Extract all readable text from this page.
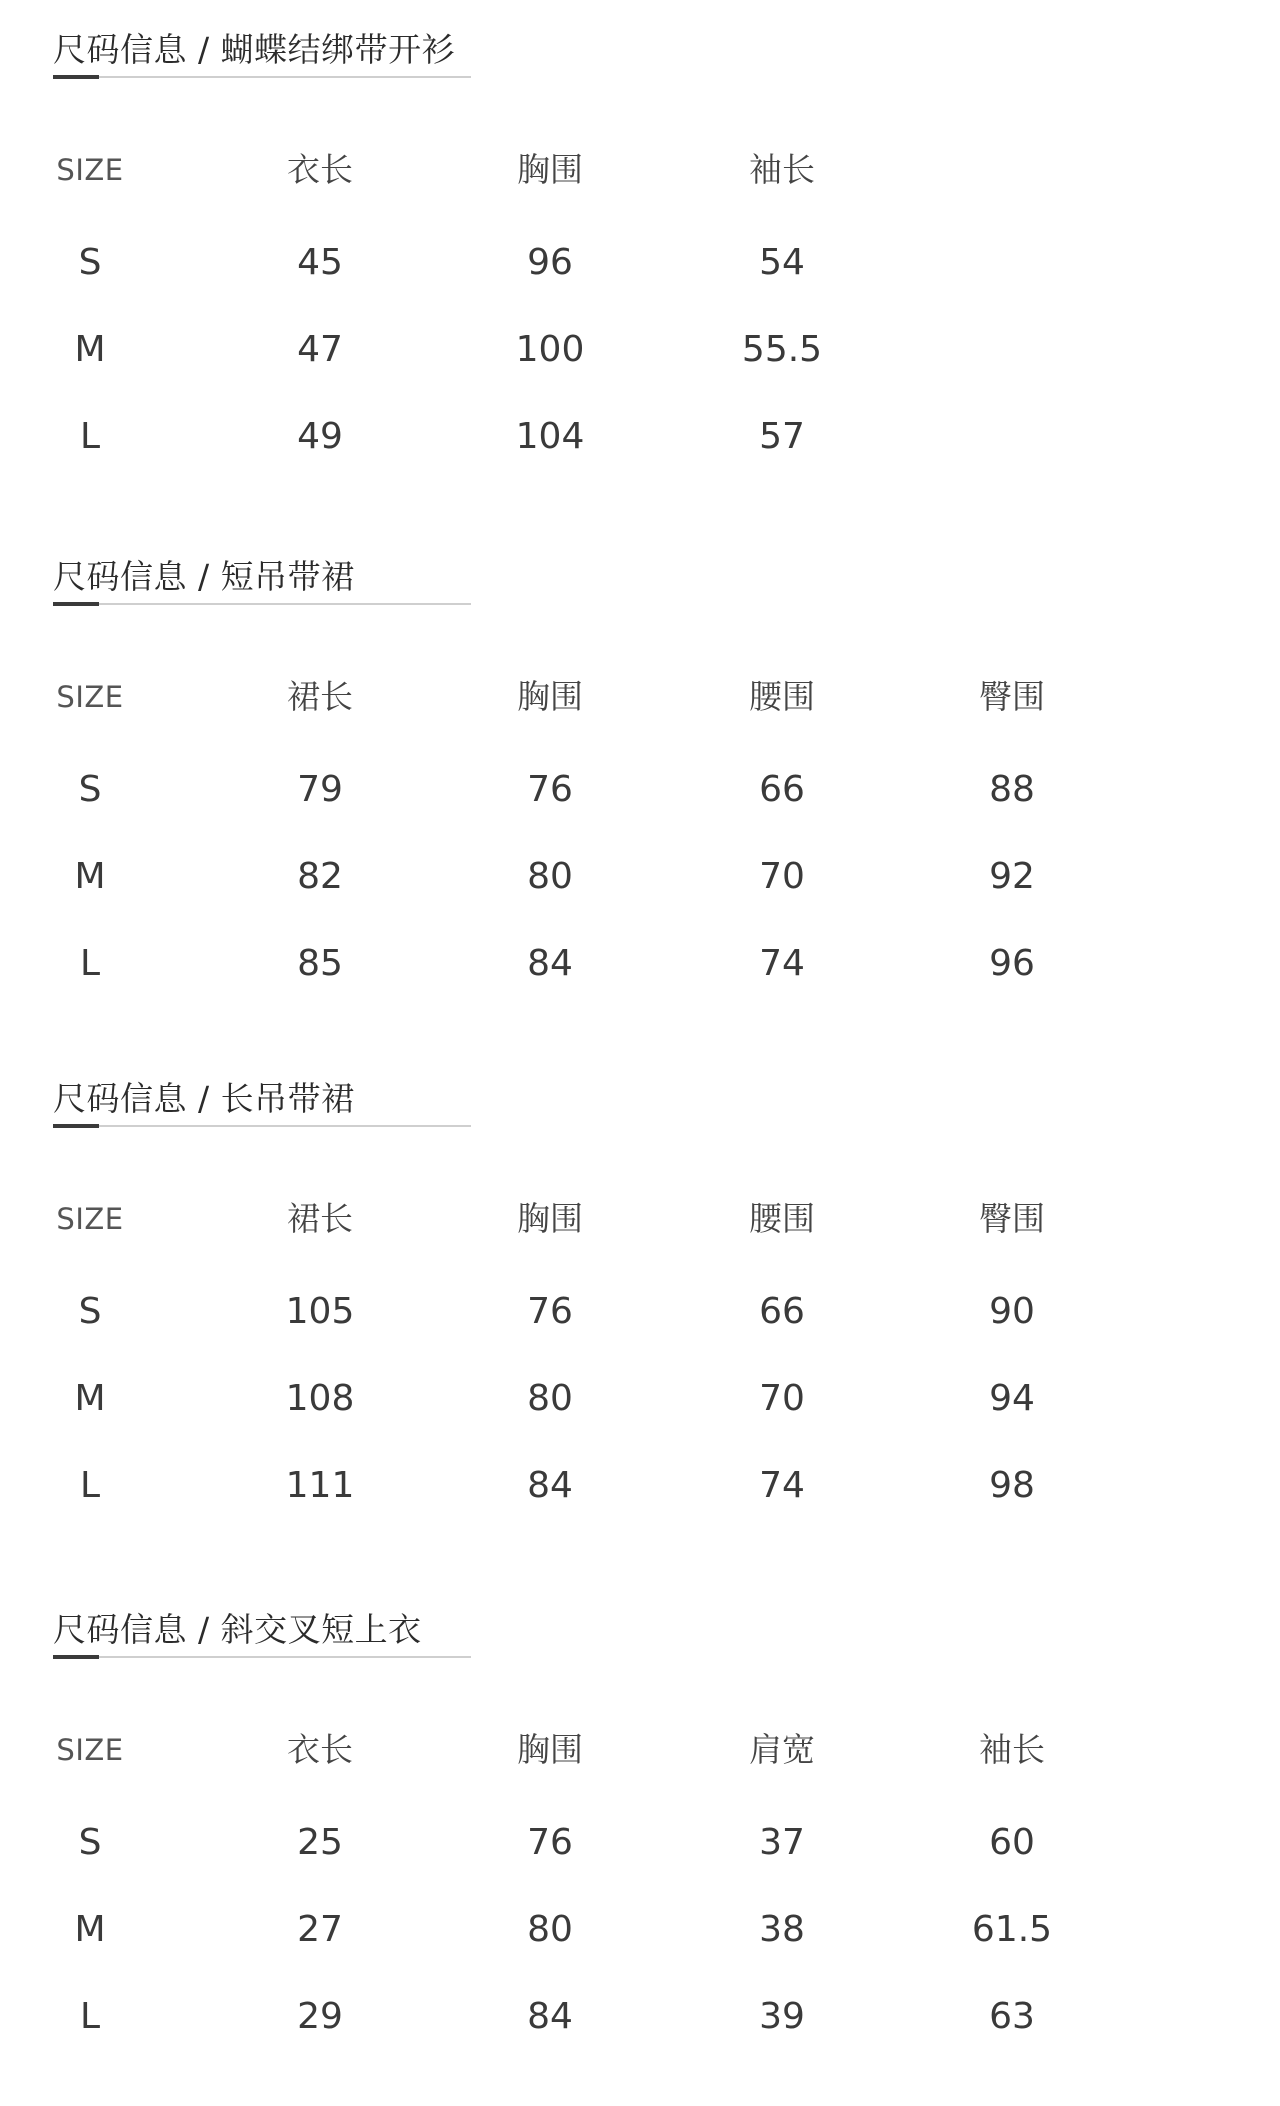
尺码信息 / 蝴蝶结绑带开衫
SIZE	衣长	胸围	袖长
S	45	96	54
M	47	100	55.5
L	49	104	57
尺码信息 / 短吊带裙
SIZE	裙长	胸围	腰围	臀围
S	79	76	66	88
M	82	80	70	92
L	85	84	74	96
尺码信息 / 长吊带裙
SIZE	裙长	胸围	腰围	臀围
S	105	76	66	90
M	108	80	70	94
L	111	84	74	98
尺码信息 / 斜交叉短上衣
SIZE	衣长	胸围	肩宽	袖长
S	25	76	37	60
M	27	80	38	61.5
L	29	84	39	63
